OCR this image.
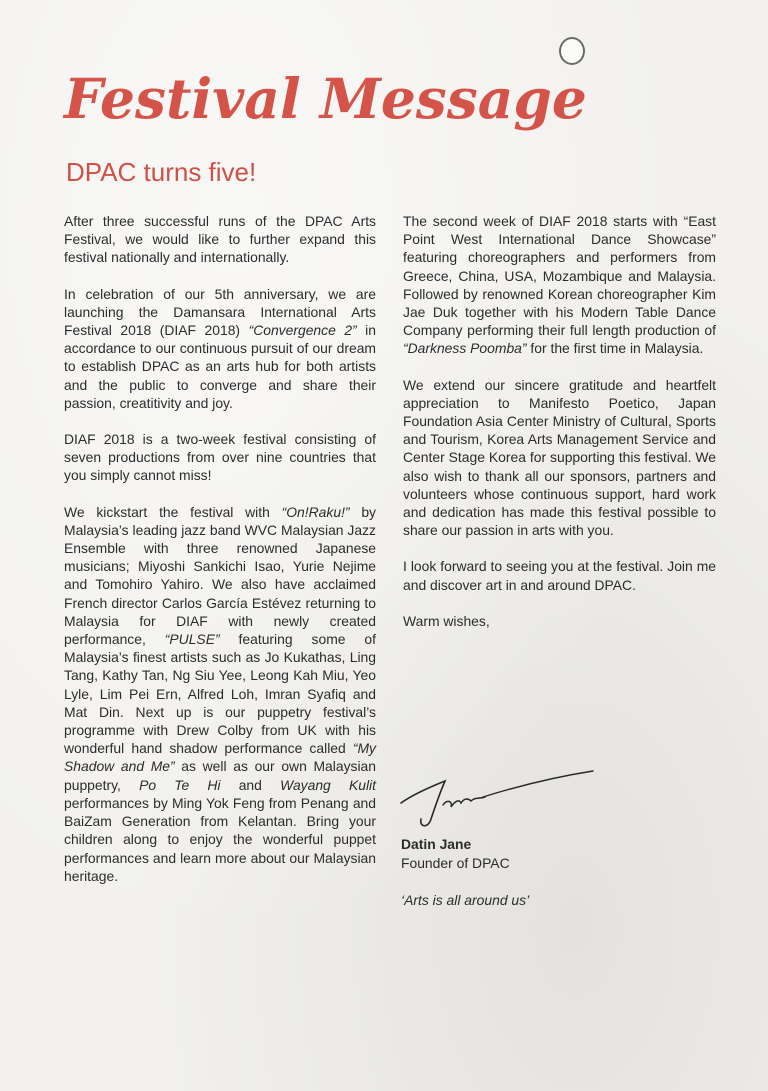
Festival Message
DPAC turns five!

After three successful runs of the DPAC Arts Festival, we would like to further expand this festival nationally and internationally.

In celebration of our 5th anniversary, we are launching the Damansara International Arts Festival 2018 (DIAF 2018) “Convergence 2” in accordance to our continuous pursuit of our dream to establish DPAC as an arts hub for both artists and the public to converge and share their passion, creatitivity and joy.

DIAF 2018 is a two-week festival consisting of seven productions from over nine countries that you simply cannot miss!

We kickstart the festival with “On!Raku!” by Malaysia’s leading jazz band WVC Malaysian Jazz Ensemble with three renowned Japanese musicians; Miyoshi Sankichi Isao, Yurie Nejime and Tomohiro Yahiro. We also have acclaimed French director Carlos García Estévez returning to Malaysia for DIAF with newly created performance, “PULSE” featuring some of Malaysia’s finest artists such as Jo Kukathas, Ling Tang, Kathy Tan, Ng Siu Yee, Leong Kah Miu, Yeo Lyle, Lim Pei Ern, Alfred Loh, Imran Syafiq and Mat Din. Next up is our puppetry festival’s programme with Drew Colby from UK with his wonderful hand shadow performance called “My Shadow and Me” as well as our own Malaysian puppetry, Po Te Hi and Wayang Kulit performances by Ming Yok Feng from Penang and BaiZam Generation from Kelantan. Bring your children along to enjoy the wonderful puppet performances and learn more about our Malaysian heritage.

The second week of DIAF 2018 starts with “East Point West International Dance Showcase” featuring choreographers and performers from Greece, China, USA, Mozambique and Malaysia. Followed by renowned Korean choreographer Kim Jae Duk together with his Modern Table Dance Company performing their full length production of “Darkness Poomba” for the first time in Malaysia.

We extend our sincere gratitude and heartfelt appreciation to Manifesto Poetico, Japan Foundation Asia Center Ministry of Cultural, Sports and Tourism, Korea Arts Management Service and Center Stage Korea for supporting this festival. We also wish to thank all our sponsors, partners and volunteers whose continuous support, hard work and dedication has made this festival possible to share our passion in arts with you.

I look forward to seeing you at the festival. Join me and discover art in and around DPAC.

Warm wishes,

Datin Jane
Founder of DPAC
‘Arts is all around us’
